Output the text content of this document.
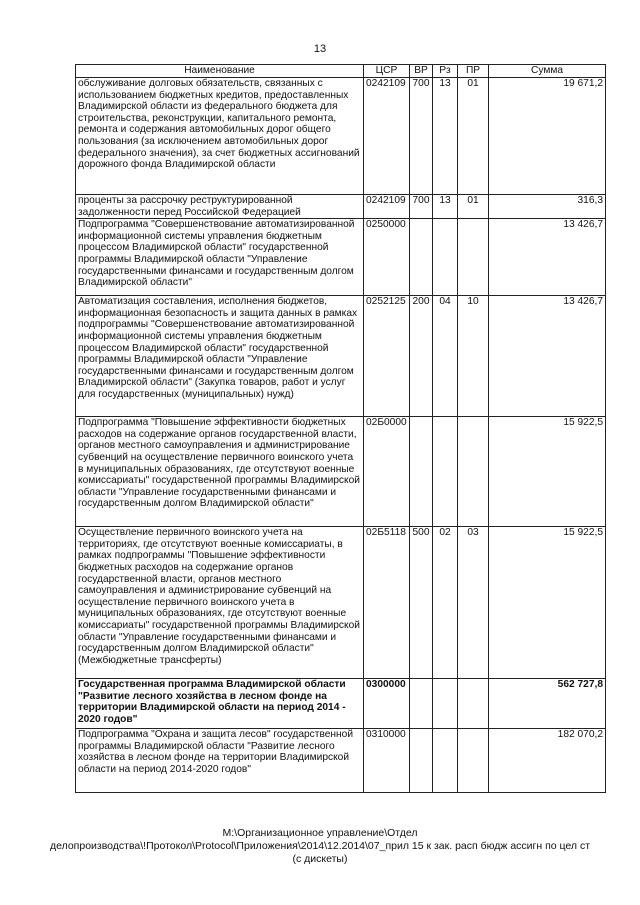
13
Наименование	ЦСР	ВР	Рз	ПР	Сумма
обслуживание долговых обязательств, связанных с использованием бюджетных кредитов, предоставленных Владимирской области из федерального бюджета для строительства, реконструкции, капитального ремонта, ремонта и содержания автомобильных дорог общего пользования (за исключением автомобильных дорог федерального значения), за счет бюджетных ассигнований дорожного фонда Владимирской области	0242109	700	13	01	19 671,2
проценты за рассрочку реструктурированной задолженности перед Российской Федерацией	0242109	700	13	01	316,3
Подпрограмма "Совершенствование автоматизированной информационной системы управления бюджетным процессом Владимирской области" государственной программы Владимирской области "Управление государственными финансами и государственным долгом Владимирской области"	0250000				13 426,7
Автоматизация составления, исполнения бюджетов, информационная безопасность и защита данных в рамках подпрограммы "Совершенствование автоматизированной информационной системы управления бюджетным процессом Владимирской области" государственной программы Владимирской области "Управление государственными финансами и государственным долгом Владимирской области" (Закупка товаров, работ и услуг для государственных (муниципальных) нужд)	0252125	200	04	10	13 426,7
Подпрограмма "Повышение эффективности бюджетных расходов на содержание органов государственной власти, органов местного самоуправления и администрирование субвенций на осуществление первичного воинского учета в муниципальных образованиях, где отсутствуют военные комиссариаты" государственной программы Владимирской области "Управление государственными финансами и государственным долгом Владимирской области"	02Б0000				15 922,5
Осуществление первичного воинского учета на территориях, где отсутствуют военные комиссариаты, в рамках подпрограммы "Повышение эффективности бюджетных расходов на содержание органов государственной власти, органов местного самоуправления и администрирование субвенций на осуществление первичного воинского учета в муниципальных образованиях, где отсутствуют военные комиссариаты" государственной программы Владимирской области "Управление государственными финансами и государственным долгом Владимирской области" (Межбюджетные трансферты)	02Б5118	500	02	03	15 922,5
Государственная программа Владимирской области "Развитие лесного хозяйства в лесном фонде на территории Владимирской области на период 2014 - 2020 годов"	0300000				562 727,8
Подпрограмма "Охрана и защита лесов" государственной программы Владимирской области "Развитие лесного хозяйства в лесном фонде на территории Владимирской области на период 2014-2020 годов"	0310000				182 070,2
M:\Организационное управление\Отдел
делопроизводства\!Протокол\Protocol\Приложения\2014\12.2014\07_прил 15 к зак. расп бюдж ассигн по цел ст
(с дискеты)
